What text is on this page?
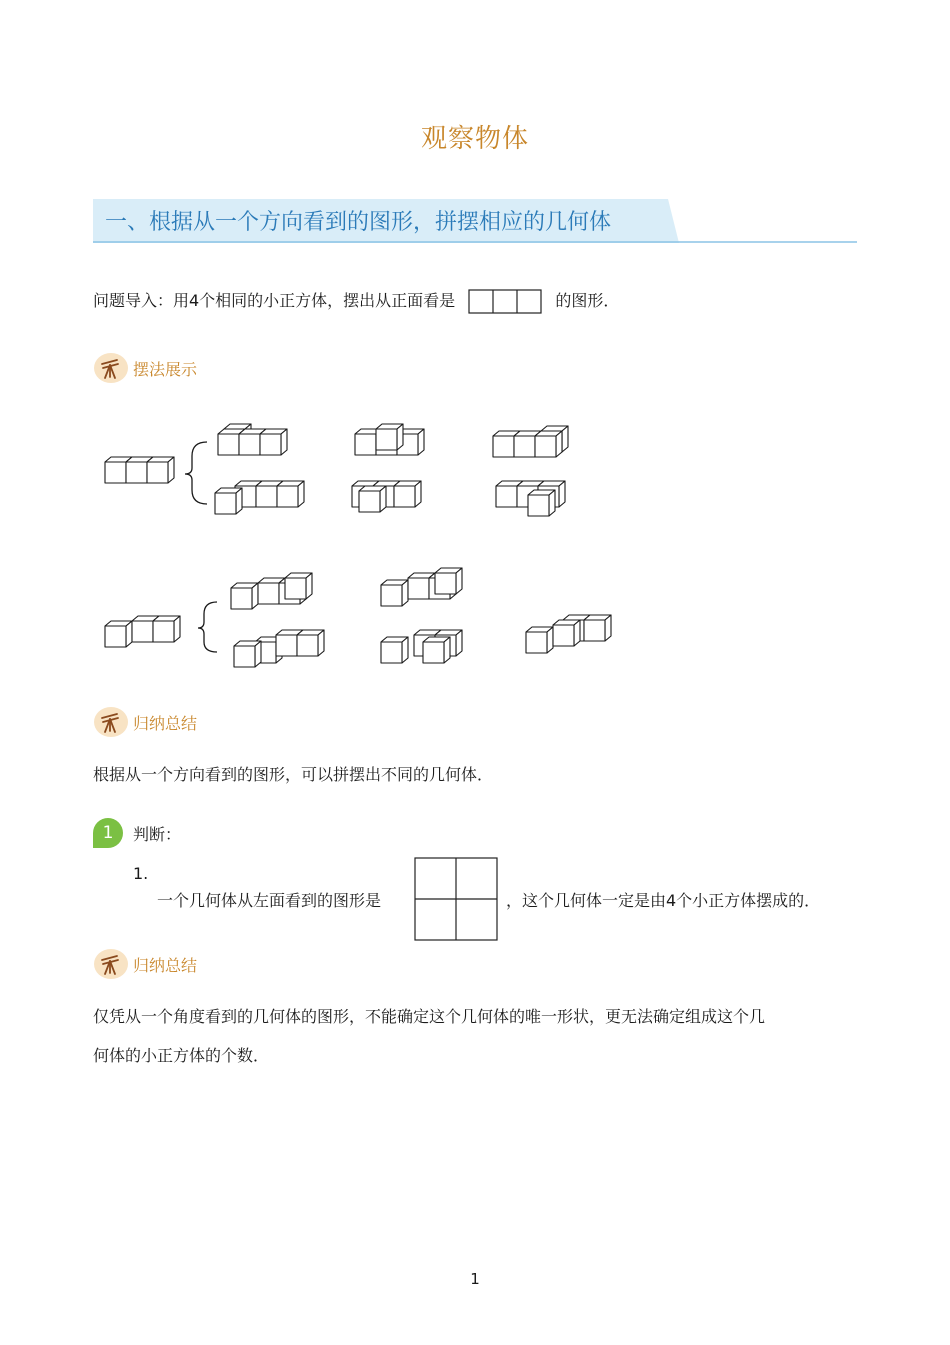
观察物体
一、根据从一个方向看到的图形，拼摆相应的几何体
问题导入：用4个相同的小正方体，摆出从正面看是	的图形．
摆法展示
归纳总结
根据从一个方向看到的图形，可以拼摆出不同的几何体．
1	判断：
1.
一个几何体从左面看到的图形是	，这个几何体一定是由4个小正方体摆成的．
归纳总结
仅凭从一个角度看到的几何体的图形，不能确定这个几何体的唯一形状，更无法确定组成这个几
何体的小正方体的个数．
1
